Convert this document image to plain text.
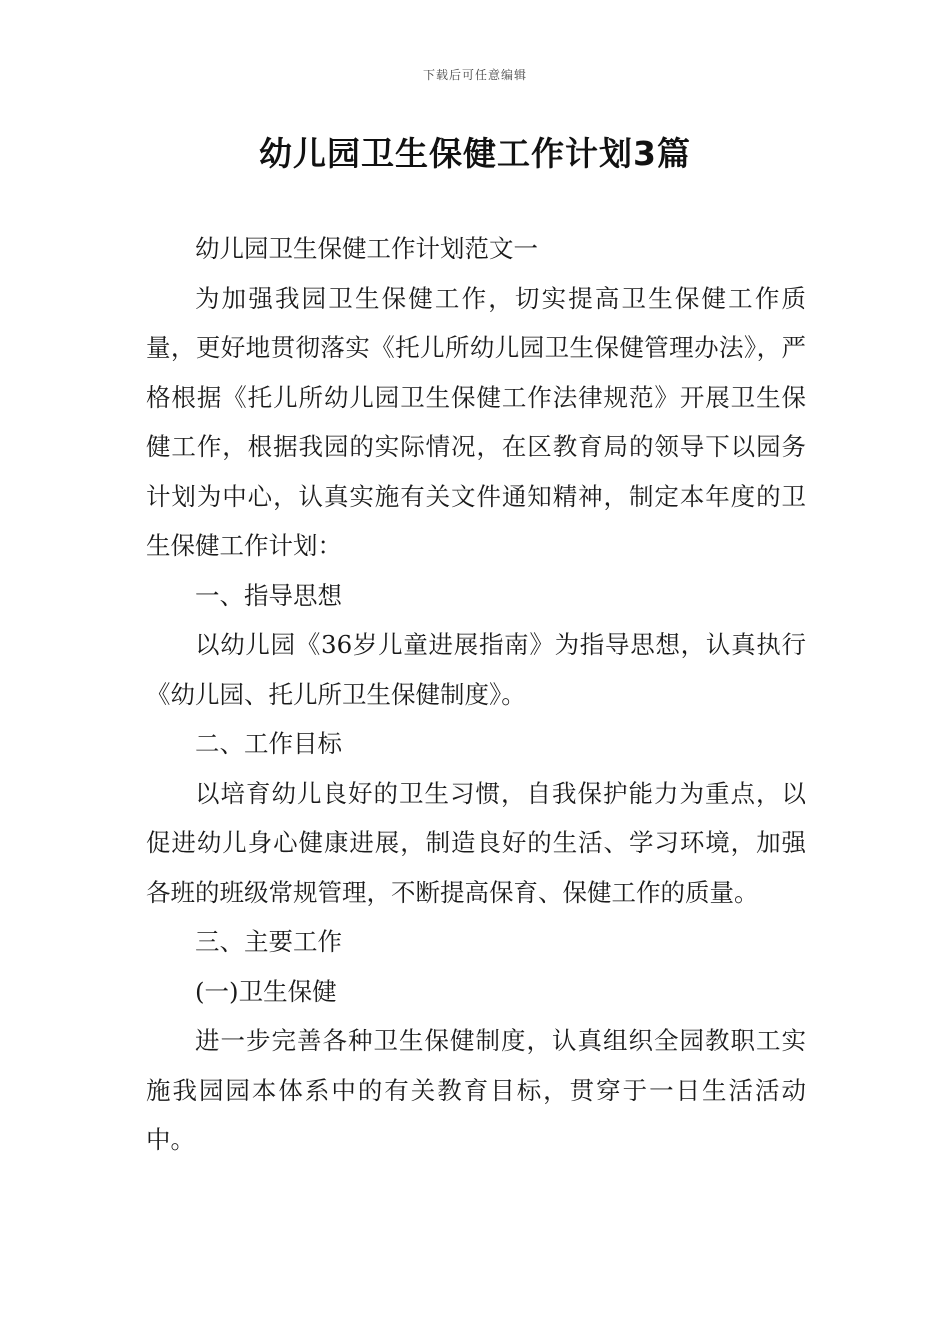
下载后可任意编辑
幼儿园卫生保健工作计划3篇

幼儿园卫生保健工作计划范文一

为加强我园卫生保健工作，切实提高卫生保健工作质量，更好地贯彻落实《托儿所幼儿园卫生保健管理办法》，严格根据《托儿所幼儿园卫生保健工作法律规范》开展卫生保健工作，根据我园的实际情况，在区教育局的领导下以园务计划为中心，认真实施有关文件通知精神，制定本年度的卫生保健工作计划：

一、指导思想

以幼儿园《36岁儿童进展指南》为指导思想，认真执行《幼儿园、托儿所卫生保健制度》。

二、工作目标

以培育幼儿良好的卫生习惯，自我保护能力为重点，以促进幼儿身心健康进展，制造良好的生活、学习环境，加强各班的班级常规管理，不断提高保育、保健工作的质量。

三、主要工作

(一)卫生保健

进一步完善各种卫生保健制度，认真组织全园教职工实施我园园本体系中的有关教育目标，贯穿于一日生活活动中。
